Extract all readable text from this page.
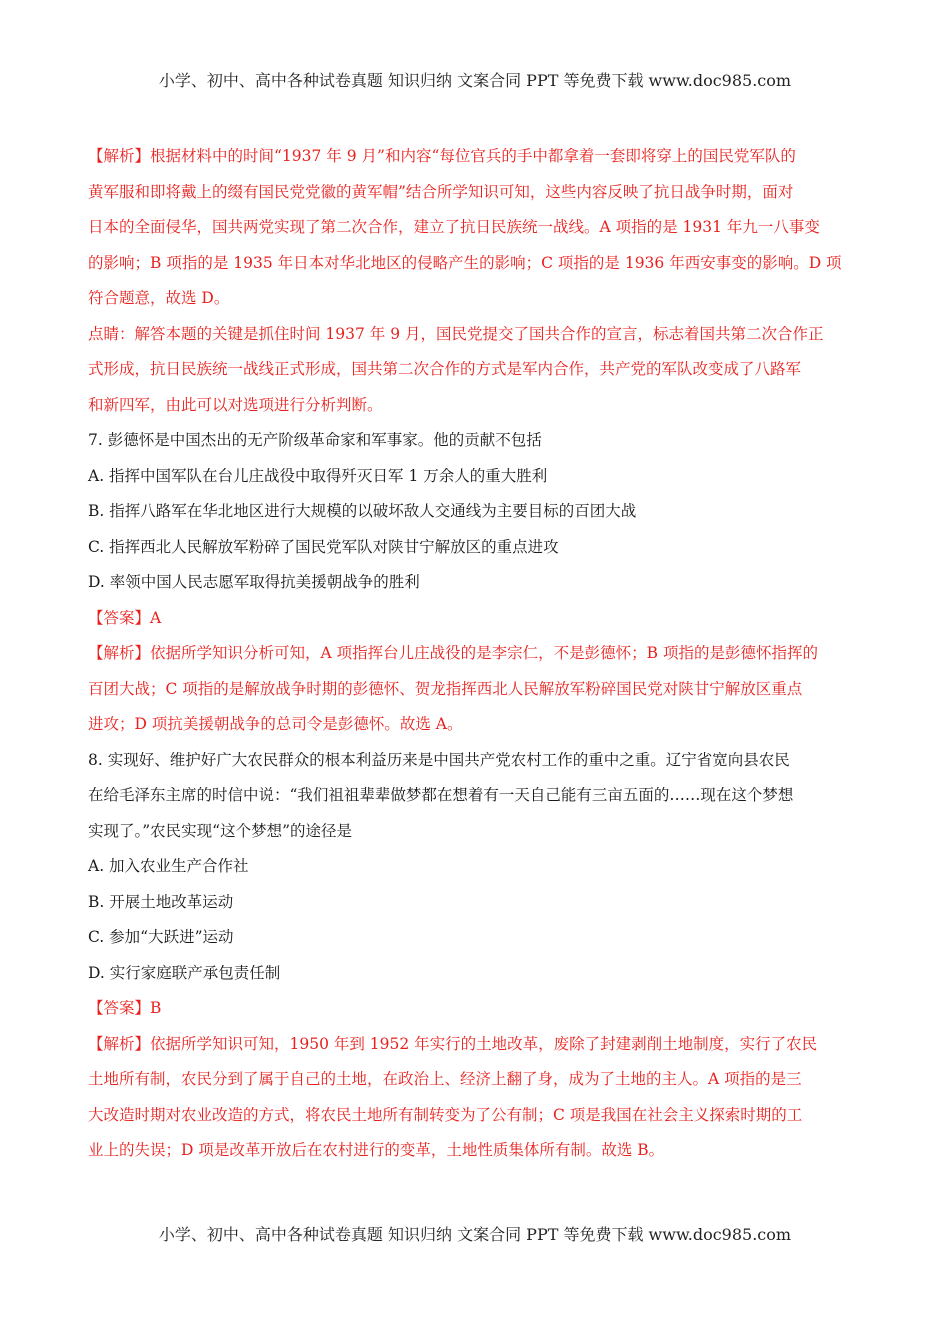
小学、初中、高中各种试卷真题 知识归纳 文案合同 PPT 等免费下载 www.doc985.com

【解析】根据材料中的时间“1937 年 9 月”和内容“每位官兵的手中都拿着一套即将穿上的国民党军队的

黄军服和即将戴上的缀有国民党党徽的黄军帽”结合所学知识可知，这些内容反映了抗日战争时期，面对

日本的全面侵华，国共两党实现了第二次合作，建立了抗日民族统一战线。A 项指的是 1931 年九一八事变

的影响；B 项指的是 1935 年日本对华北地区的侵略产生的影响；C 项指的是 1936 年西安事变的影响。D 项

符合题意，故选 D。

点睛：解答本题的关键是抓住时间 1937 年 9 月，国民党提交了国共合作的宣言，标志着国共第二次合作正

式形成，抗日民族统一战线正式形成，国共第二次合作的方式是军内合作，共产党的军队改变成了八路军

和新四军，由此可以对选项进行分析判断。

7. 彭德怀是中国杰出的无产阶级革命家和军事家。他的贡献不包括

A. 指挥中国军队在台儿庄战役中取得歼灭日军 1 万余人的重大胜利

B. 指挥八路军在华北地区进行大规模的以破坏敌人交通线为主要目标的百团大战

C. 指挥西北人民解放军粉碎了国民党军队对陕甘宁解放区的重点进攻

D. 率领中国人民志愿军取得抗美援朝战争的胜利

【答案】A

【解析】依据所学知识分析可知，A 项指挥台儿庄战役的是李宗仁，不是彭德怀；B 项指的是彭德怀指挥的

百团大战；C 项指的是解放战争时期的彭德怀、贺龙指挥西北人民解放军粉碎国民党对陕甘宁解放区重点

进攻；D 项抗美援朝战争的总司令是彭德怀。故选 A。

8. 实现好、维护好广大农民群众的根本利益历来是中国共产党农村工作的重中之重。辽宁省宽向县农民

在给毛泽东主席的时信中说：“我们祖祖辈辈做梦都在想着有一天自己能有三亩五面的……现在这个梦想

实现了。”农民实现“这个梦想”的途径是

A. 加入农业生产合作社

B. 开展土地改革运动

C. 参加“大跃进”运动

D. 实行家庭联产承包责任制

【答案】B

【解析】依据所学知识可知，1950 年到 1952 年实行的土地改革，废除了封建剥削土地制度，实行了农民

土地所有制，农民分到了属于自己的土地，在政治上、经济上翻了身，成为了土地的主人。A 项指的是三

大改造时期对农业改造的方式，将农民土地所有制转变为了公有制；C 项是我国在社会主义探索时期的工

业上的失误；D 项是改革开放后在农村进行的变革，土地性质集体所有制。故选 B。

小学、初中、高中各种试卷真题 知识归纳 文案合同 PPT 等免费下载 www.doc985.com
